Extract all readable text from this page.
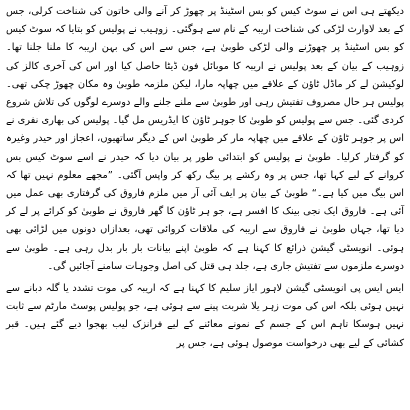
دیکھتے ہی اس نے سوٹ کیس کو بس اسٹینڈ پر چھوڑ کر آنے والی خاتون کی شناخت کرلی، جس کے بعد لاوارث لڑکی کی شناخت اریبہ کے نام سے ہوگئی۔ زوہیب نے پولیس کو بتایا کہ سوٹ کیس کو بس اسٹینڈ پر چھوڑنے والی لڑکی طوبیٰ ہے، جس سے اس کی بہن اریبہ کا ملنا جلنا تھا۔ زوہیب کے بیان کے بعد پولیس نے اریبہ کا موبائل فون ڈیٹا حاصل کیا اور اس کی آخری کالز کی لوکیشن لے کر ماڈل ٹاؤن کے علاقے میں چھاپہ مارا، لیکن ملزمہ طوبیٰ وہ مکان چھوڑ چکی تھی۔ پولیس ہر حال مصروف تفتیش رہی اور طوبیٰ سے ملنے جلنے والے دوسرے لوگوں کی تلاش شروع کردی گئی۔ جس سے پولیس کو طوبیٰ کا جوہر ٹاؤن کا ایڈریس مل گیا۔ پولیس کی بھاری نفری نے اس پر جوہر ٹاؤن کے علاقے میں چھاپہ مار کر طوبیٰ اس کے دیگر ساتھیوں، اعجاز اور حیدر وغیرہ کو گرفتار کرلیا۔ طوبیٰ نے پولیس کو ابتدائی طور پر بیان دیا کہ حیدر نے اسے سوٹ کیس بس کروانے کے لیے کہا تھا، جس پر وہ رکشے پر بیگ رکھ کر واپس آگئی۔ ”مجھے معلوم نہیں تھا کہ اس بیگ میں کیا ہے۔“ طوبیٰ کے بیان پر ایف آئی آر میں ملزم فاروق کی گرفتاری بھی عمل میں آئی ہے۔ فاروق ایک نجی بینک کا افسر ہے، جو ہر ٹاؤن کا گھر فاروق نے طوبیٰ کو کرائے پر لے کر دیا تھا، جہاں طوبیٰ نے فاروق سے اریبہ کی ملاقات کروائی تھی، بعدازاں دونوں میں لڑائی بھی ہوئی۔ انویسٹی گیشن ذرائع کا کہنا ہے کہ طوبیٰ اپنے بیانات بار بار بدل رہی ہے۔ طوبیٰ سے دوسرے ملزموں سے تفتیش جاری ہے، جلد ہی قتل کی اصل وجوہات سامنے آجائیں گی۔

ایس ایس پی انویسٹی گیشن لاہور ایاز سلیم کا کہنا ہے کہ اریبہ کی موت تشدد یا گلہ دبانے سے نہیں ہوئی بلکہ اس کی موت زہر یلا شربت پینے سے ہوئی ہے، جو پولیس پوسٹ مارٹم سے ثابت نہیں ہوسکا تاہم اس کے جسم کے نمونے معائنے کے لیے فرانزک لیب بھجوا دیے گئے ہیں۔ قبر کشائی کے لیے بھی درخواست موصول ہوئی ہے، جس پر
